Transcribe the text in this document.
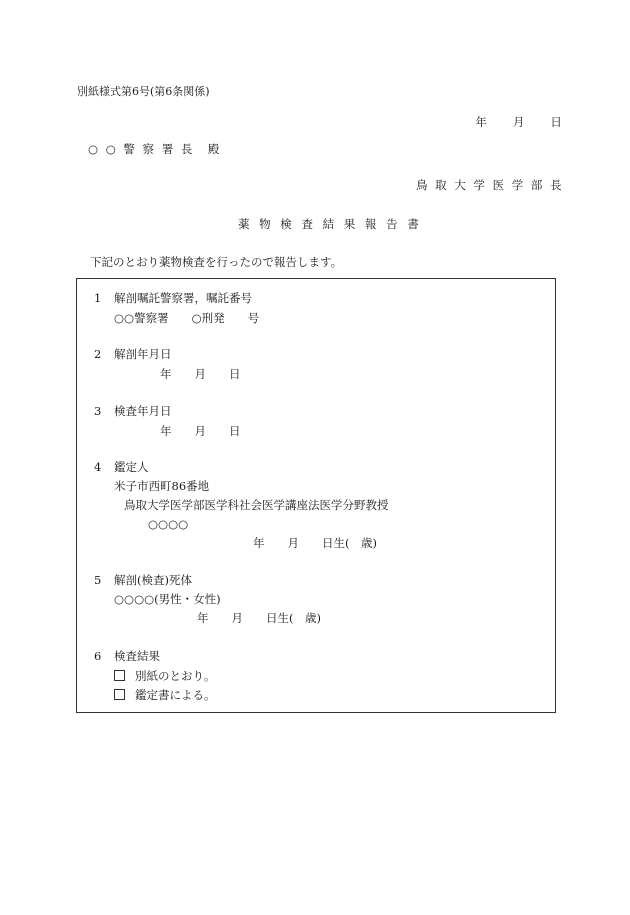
別紙様式第6号(第6条関係)

年 月 日

○ ○ 警 察 署 長　殿
鳥 取 大 学 医 学 部 長
薬 物 検 査 結 果 報 告 書
下記のとおり薬物検査を行ったので報告します。
1 解剖嘱託警察署，嘱託番号
○○警察署　　○刑発　　号
2 解剖年月日
年　　月　　日
3 検査年月日
年　　月　　日
4 鑑定人
米子市西町86番地
鳥取大学医学部医学科社会医学講座法医学分野教授
○○○○
年　　月　　日生(　歳)
5 解剖(検査)死体
○○○○(男性・女性)
年　　月　　日生(　歳)
6 検査結果
別紙のとおり。
鑑定書による。
